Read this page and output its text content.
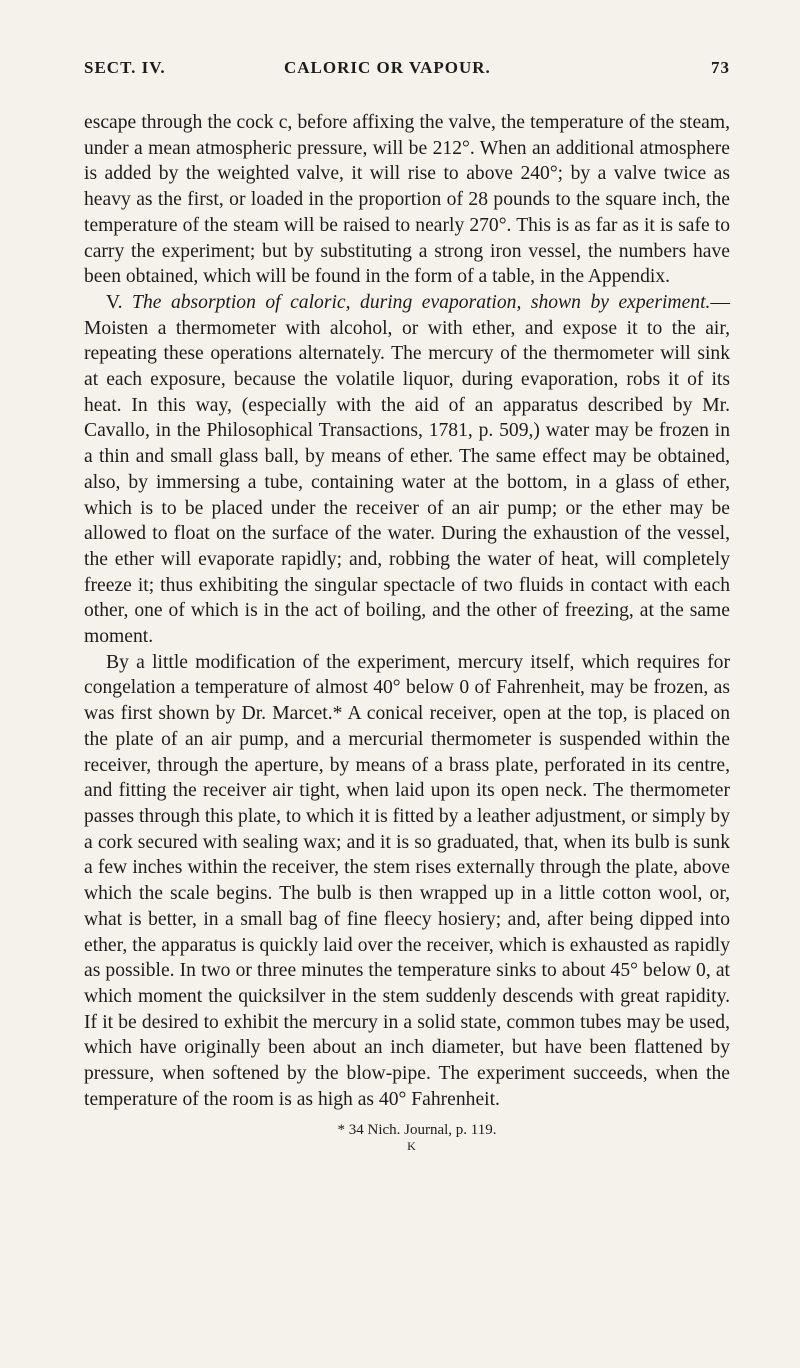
SECT. IV.	CALORIC OR VAPOUR.	73

escape through the cock c, before affixing the valve, the temperature of the steam, under a mean atmospheric pressure, will be 212°. When an additional atmosphere is added by the weighted valve, it will rise to above 240°; by a valve twice as heavy as the first, or loaded in the proportion of 28 pounds to the square inch, the temperature of the steam will be raised to nearly 270°. This is as far as it is safe to carry the experiment; but by substituting a strong iron vessel, the numbers have been obtained, which will be found in the form of a table, in the Appendix.

V. The absorption of caloric, during evaporation, shown by experiment.—Moisten a thermometer with alcohol, or with ether, and expose it to the air, repeating these operations alternately. The mercury of the thermometer will sink at each exposure, because the volatile liquor, during evaporation, robs it of its heat. In this way, (especially with the aid of an apparatus described by Mr. Cavallo, in the Philosophical Transactions, 1781, p. 509,) water may be frozen in a thin and small glass ball, by means of ether. The same effect may be obtained, also, by immersing a tube, containing water at the bottom, in a glass of ether, which is to be placed under the receiver of an air pump; or the ether may be allowed to float on the surface of the water. During the exhaustion of the vessel, the ether will evaporate rapidly; and, robbing the water of heat, will completely freeze it; thus exhibiting the singular spectacle of two fluids in contact with each other, one of which is in the act of boiling, and the other of freezing, at the same moment.

By a little modification of the experiment, mercury itself, which requires for congelation a temperature of almost 40° below 0 of Fahrenheit, may be frozen, as was first shown by Dr. Marcet.* A conical receiver, open at the top, is placed on the plate of an air pump, and a mercurial thermometer is suspended within the receiver, through the aperture, by means of a brass plate, perforated in its centre, and fitting the receiver air tight, when laid upon its open neck. The thermometer passes through this plate, to which it is fitted by a leather adjustment, or simply by a cork secured with sealing wax; and it is so graduated, that, when its bulb is sunk a few inches within the receiver, the stem rises externally through the plate, above which the scale begins. The bulb is then wrapped up in a little cotton wool, or, what is better, in a small bag of fine fleecy hosiery; and, after being dipped into ether, the apparatus is quickly laid over the receiver, which is exhausted as rapidly as possible. In two or three minutes the temperature sinks to about 45° below 0, at which moment the quicksilver in the stem suddenly descends with great rapidity. If it be desired to exhibit the mercury in a solid state, common tubes may be used, which have originally been about an inch diameter, but have been flattened by pressure, when softened by the blow-pipe. The experiment succeeds, when the temperature of the room is as high as 40° Fahrenheit.

* 34 Nich. Journal, p. 119.
K
